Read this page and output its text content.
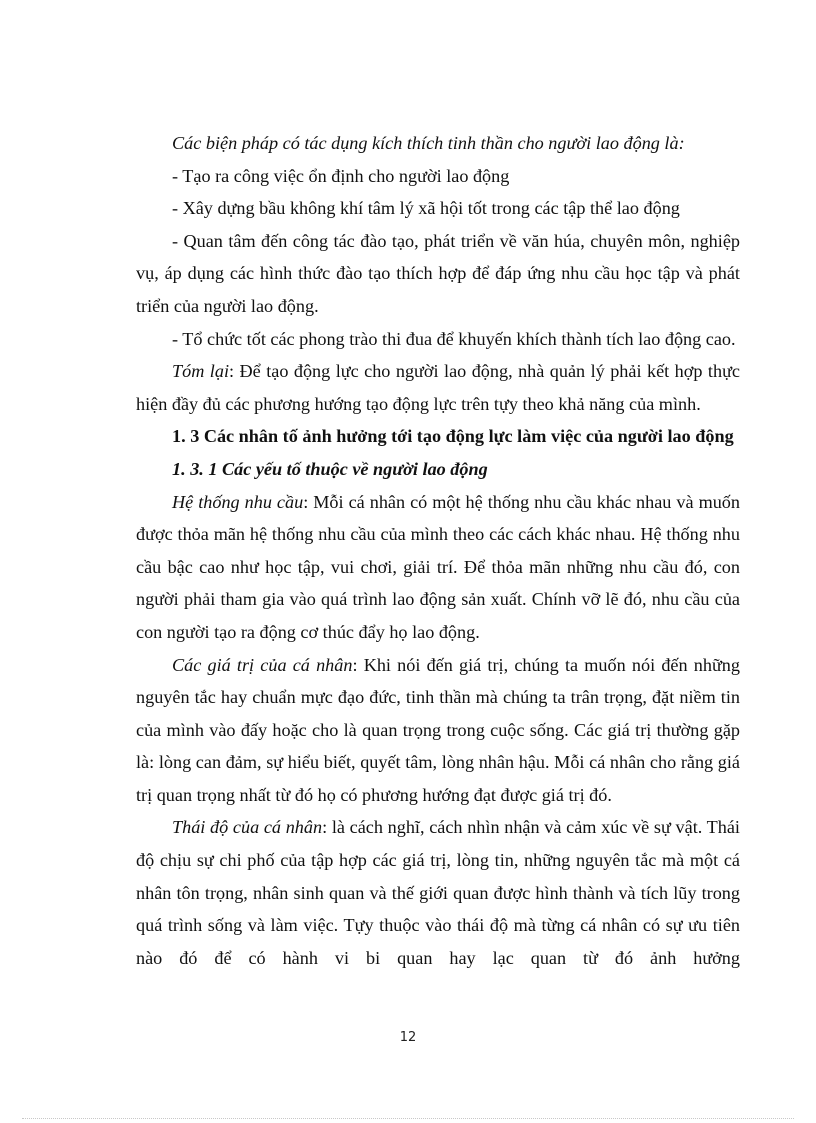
Các biện pháp có tác dụng kích thích tinh thần cho người lao động là:

- Tạo ra công việc ổn định cho người lao động

- Xây dựng bầu không khí tâm lý xã hội tốt trong các tập thể lao động

- Quan tâm đến công tác đào tạo, phát triển về văn húa, chuyên môn, nghiệp vụ, áp dụng các hình thức đào tạo thích hợp để đáp ứng nhu cầu học tập và phát triển của người lao động.

- Tổ chức tốt các phong trào thi đua để khuyến khích thành tích lao động cao.

Tóm lại: Để tạo động lực cho người lao động, nhà quản lý phải kết hợp thực hiện đầy đủ các phương hướng tạo động lực trên tựy theo khả năng của mình.

1. 3 Các nhân tố ảnh hưởng tới tạo động lực làm việc của người lao động

1. 3. 1 Các yếu tố thuộc về người lao động

Hệ thống nhu cầu: Mỗi cá nhân có một hệ thống nhu cầu khác nhau và muốn được thỏa mãn hệ thống nhu cầu của mình theo các cách khác nhau. Hệ thống nhu cầu bậc cao như học tập, vui chơi, giải trí. Để thỏa mãn những nhu cầu đó, con người phải tham gia vào quá trình lao động sản xuất. Chính vỡ lẽ đó, nhu cầu của con người tạo ra động cơ thúc đẩy họ lao động.

Các giá trị của cá nhân: Khi nói đến giá trị, chúng ta muốn nói đến những nguyên tắc hay chuẩn mực đạo đức, tinh thần mà chúng ta trân trọng, đặt niềm tin của mình vào đấy hoặc cho là quan trọng trong cuộc sống. Các giá trị thường gặp là: lòng can đảm, sự hiểu biết, quyết tâm, lòng nhân hậu. Mỗi cá nhân cho rằng giá trị quan trọng nhất từ đó họ có phương hướng đạt được giá trị đó.

Thái độ của cá nhân: là cách nghĩ, cách nhìn nhận và cảm xúc về sự vật. Thái độ chịu sự chi phố của tập hợp các giá trị, lòng tin, những nguyên tắc mà một cá nhân tôn trọng, nhân sinh quan và thế giới quan được hình thành và tích lũy trong quá trình sống và làm việc. Tựy thuộc vào thái độ mà từng cá nhân có sự ưu tiên nào đó để có hành vi bi quan hay lạc quan từ đó ảnh hưởng

12
